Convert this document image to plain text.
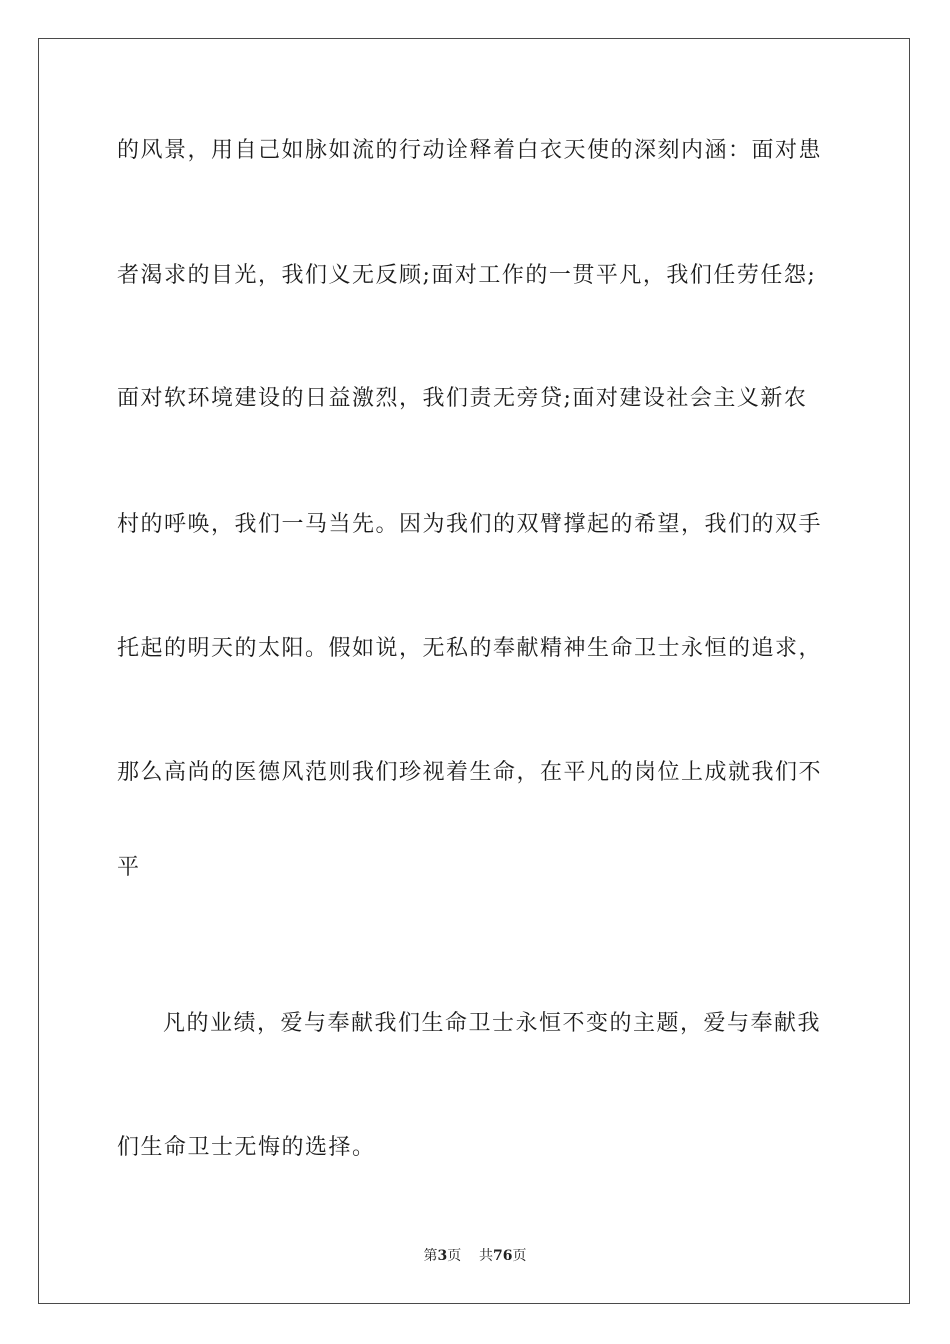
的风景，用自己如脉如流的行动诠释着白衣天使的深刻内涵：面对患
者渴求的目光，我们义无反顾;面对工作的一贯平凡，我们任劳任怨;
面对软环境建设的日益激烈，我们责无旁贷;面对建设社会主义新农
村的呼唤，我们一马当先。因为我们的双臂撑起的希望，我们的双手
托起的明天的太阳。假如说，无私的奉献精神生命卫士永恒的追求，
那么高尚的医德风范则我们珍视着生命，在平凡的岗位上成就我们不
平
凡的业绩，爱与奉献我们生命卫士永恒不变的主题，爱与奉献我
们生命卫士无悔的选择。
第3页 共76页
